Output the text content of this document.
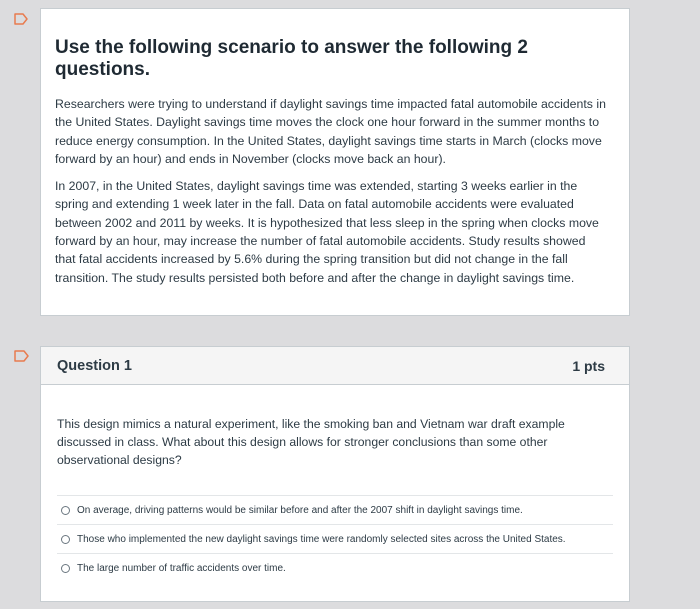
Use the following scenario to answer the following 2 questions.

Researchers were trying to understand if daylight savings time impacted fatal automobile accidents in the United States. Daylight savings time moves the clock one hour forward in the summer months to reduce energy consumption. In the United States, daylight savings time starts in March (clocks move forward by an hour) and ends in November (clocks move back an hour).

In 2007, in the United States, daylight savings time was extended, starting 3 weeks earlier in the spring and extending 1 week later in the fall. Data on fatal automobile accidents were evaluated between 2002 and 2011 by weeks. It is hypothesized that less sleep in the spring when clocks move forward by an hour, may increase the number of fatal automobile accidents. Study results showed that fatal accidents increased by 5.6% during the spring transition but did not change in the fall transition. The study results persisted both before and after the change in daylight savings time.

Question 1	1 pts
This design mimics a natural experiment, like the smoking ban and Vietnam war draft example discussed in class. What about this design allows for stronger conclusions than some other observational designs?
On average, driving patterns would be similar before and after the 2007 shift in daylight savings time.
Those who implemented the new daylight savings time were randomly selected sites across the United States.
The large number of traffic accidents over time.
